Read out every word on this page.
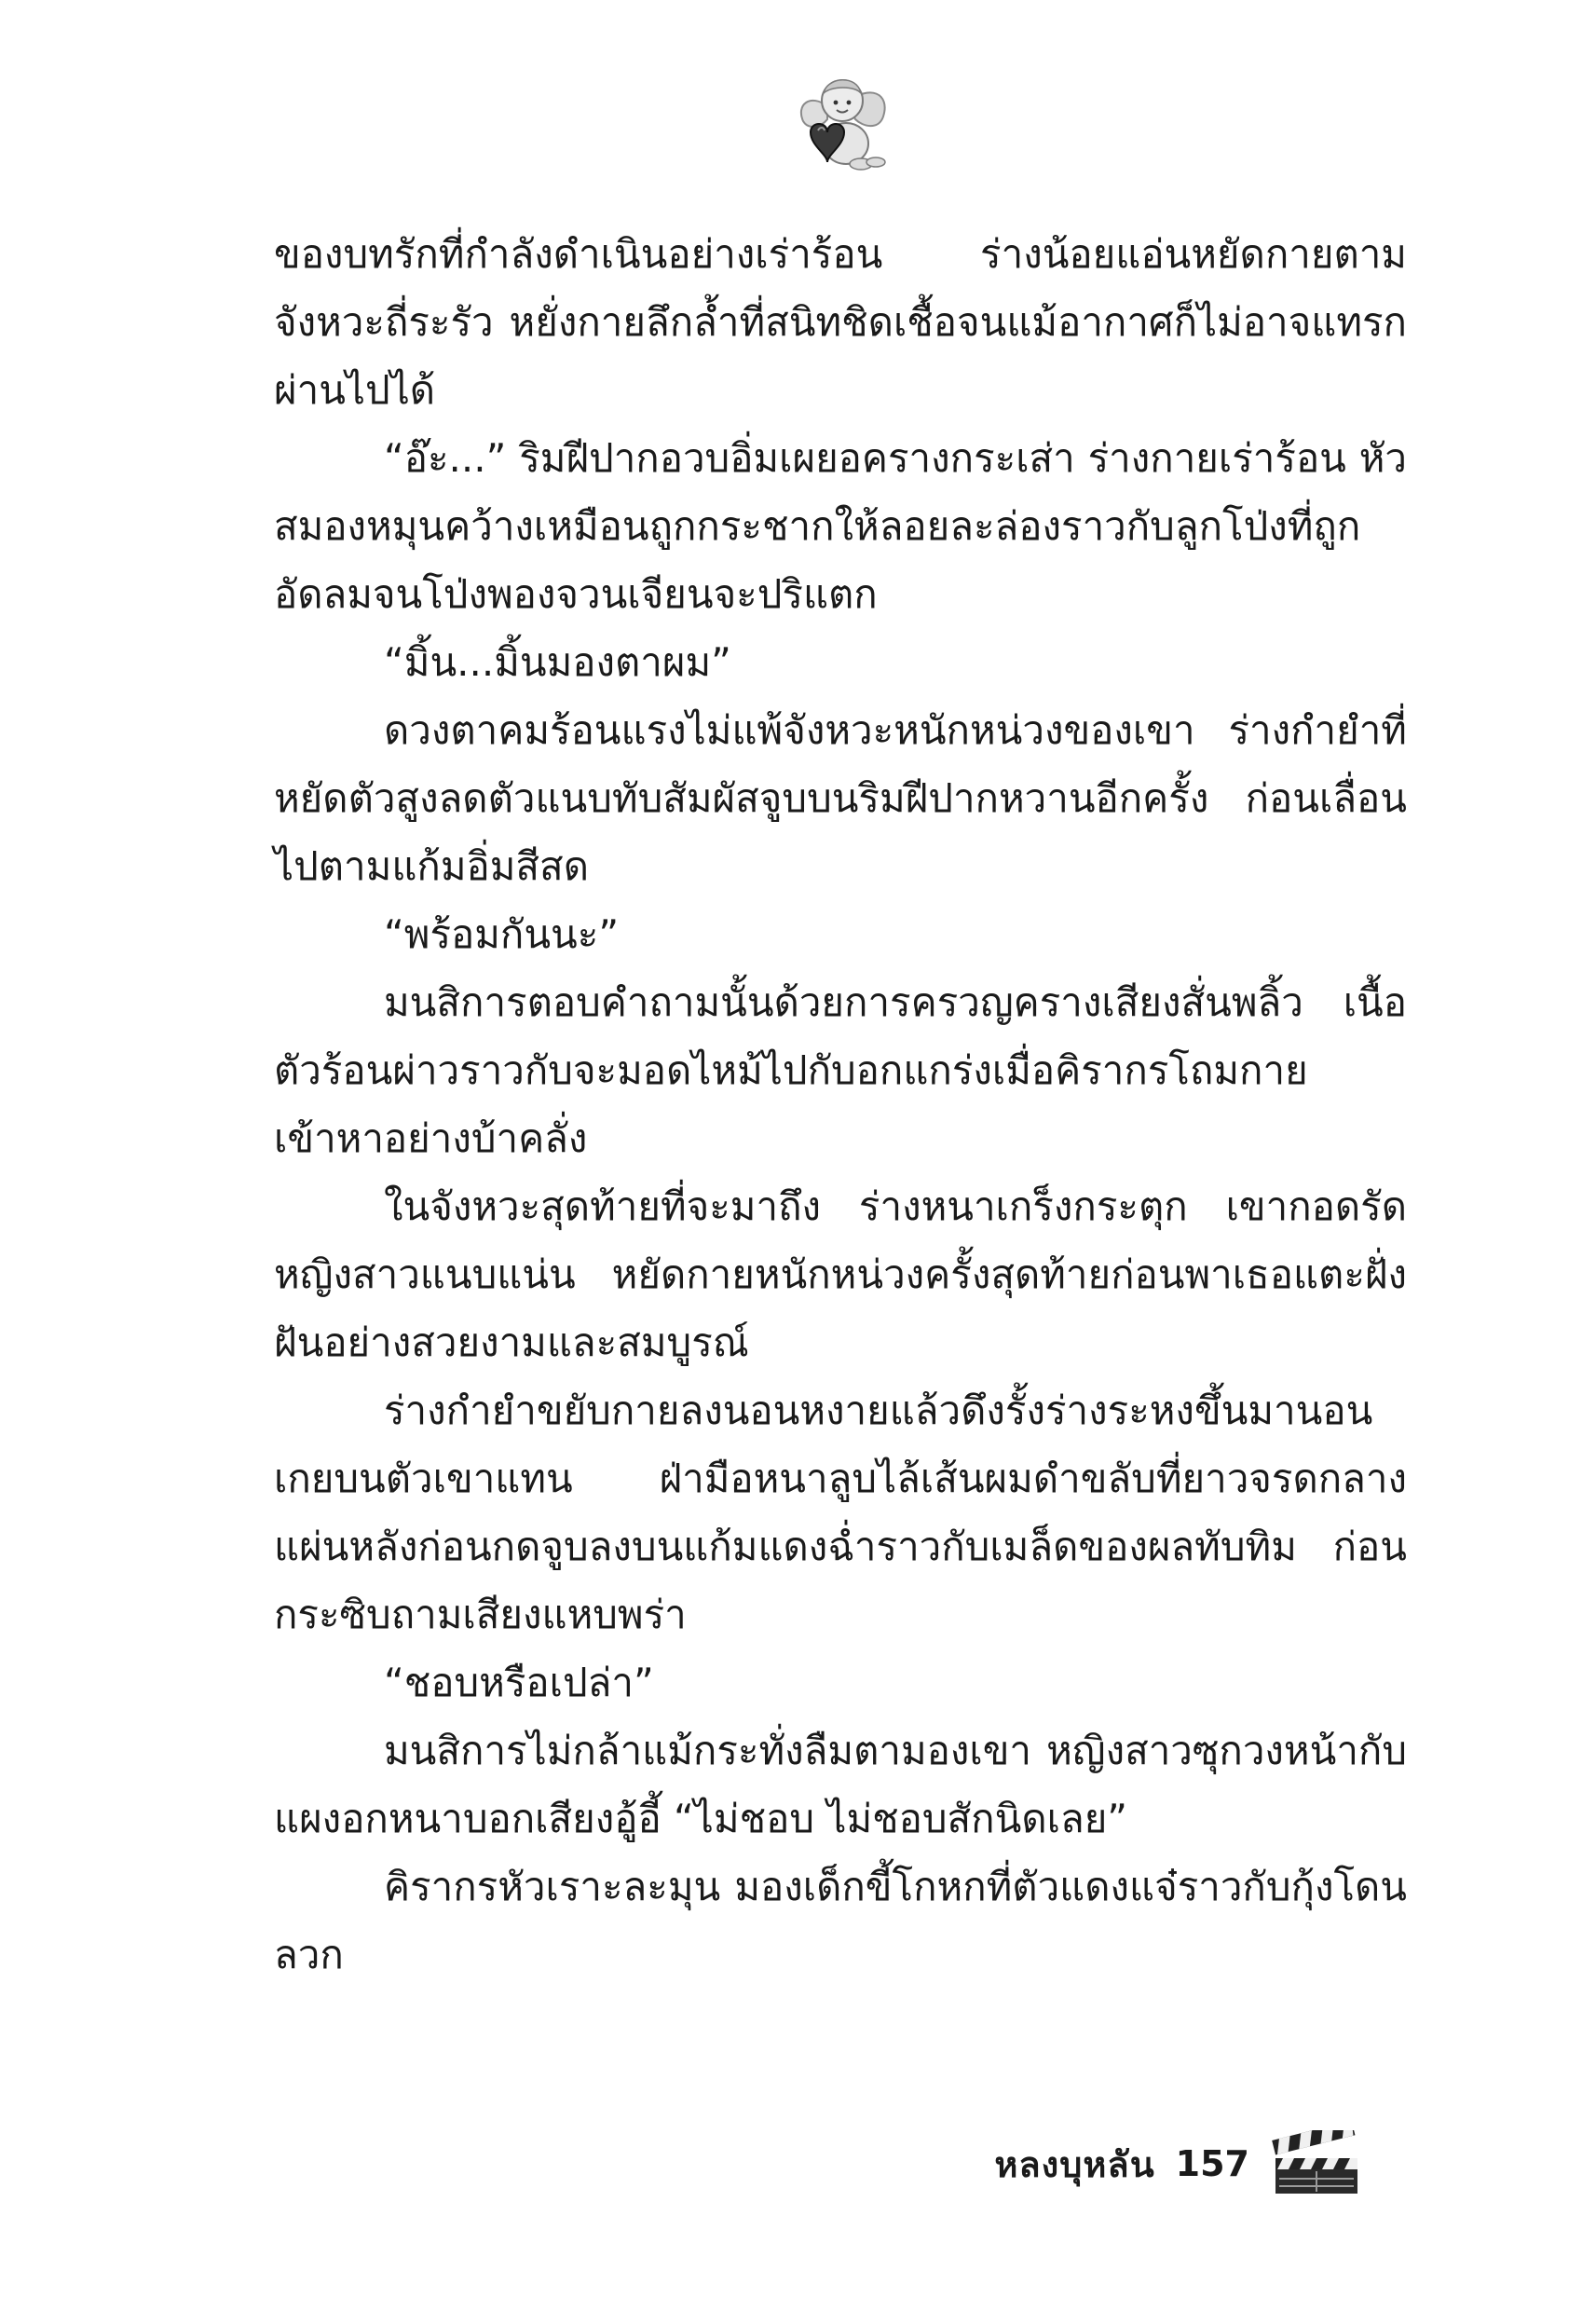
ของบทรักที่กำลังดำเนินอย่างเร่าร้อน ร่างน้อยแอ่นหยัดกายตามจังหวะถี่ระรัว หยั่งกายลึกล้ำที่สนิทชิดเชื้อจนแม้อากาศก็ไม่อาจแทรกผ่านไปได้

“อ๊ะ...” ริมฝีปากอวบอิ่มเผยอครางกระเส่า ร่างกายเร่าร้อน หัวสมองหมุนคว้างเหมือนถูกกระชากให้ลอยละล่องราวกับลูกโป่งที่ถูกอัดลมจนโป่งพองจวนเจียนจะปริแตก

“มิ้น...มิ้นมองตาผม”

ดวงตาคมร้อนแรงไม่แพ้จังหวะหนักหน่วงของเขา ร่างกำยำที่หยัดตัวสูงลดตัวแนบทับสัมผัสจูบบนริมฝีปากหวานอีกครั้ง ก่อนเลื่อนไปตามแก้มอิ่มสีสด

“พร้อมกันนะ”

มนสิการตอบคำถามนั้นด้วยการครวญครางเสียงสั่นพลิ้ว เนื้อตัวร้อนผ่าวราวกับจะมอดไหม้ไปกับอกแกร่งเมื่อคิรากรโถมกายเข้าหาอย่างบ้าคลั่ง

ในจังหวะสุดท้ายที่จะมาถึง ร่างหนาเกร็งกระตุก เขากอดรัดหญิงสาวแนบแน่น หยัดกายหนักหน่วงครั้งสุดท้ายก่อนพาเธอแตะฝั่งฝันอย่างสวยงามและสมบูรณ์

ร่างกำยำขยับกายลงนอนหงายแล้วดึงรั้งร่างระหงขึ้นมานอนเกยบนตัวเขาแทน ฝ่ามือหนาลูบไล้เส้นผมดำขลับที่ยาวจรดกลางแผ่นหลังก่อนกดจูบลงบนแก้มแดงฉ่ำราวกับเมล็ดของผลทับทิม ก่อนกระซิบถามเสียงแหบพร่า

“ชอบหรือเปล่า”

มนสิการไม่กล้าแม้กระทั่งลืมตามองเขา หญิงสาวซุกวงหน้ากับแผงอกหนาบอกเสียงอู้อี้ “ไม่ชอบ ไม่ชอบสักนิดเลย”

คิรากรหัวเราะละมุน มองเด็กขี้โกหกที่ตัวแดงแจ๋ราวกับกุ้งโดนลวก

หลงบุหลัน 157
